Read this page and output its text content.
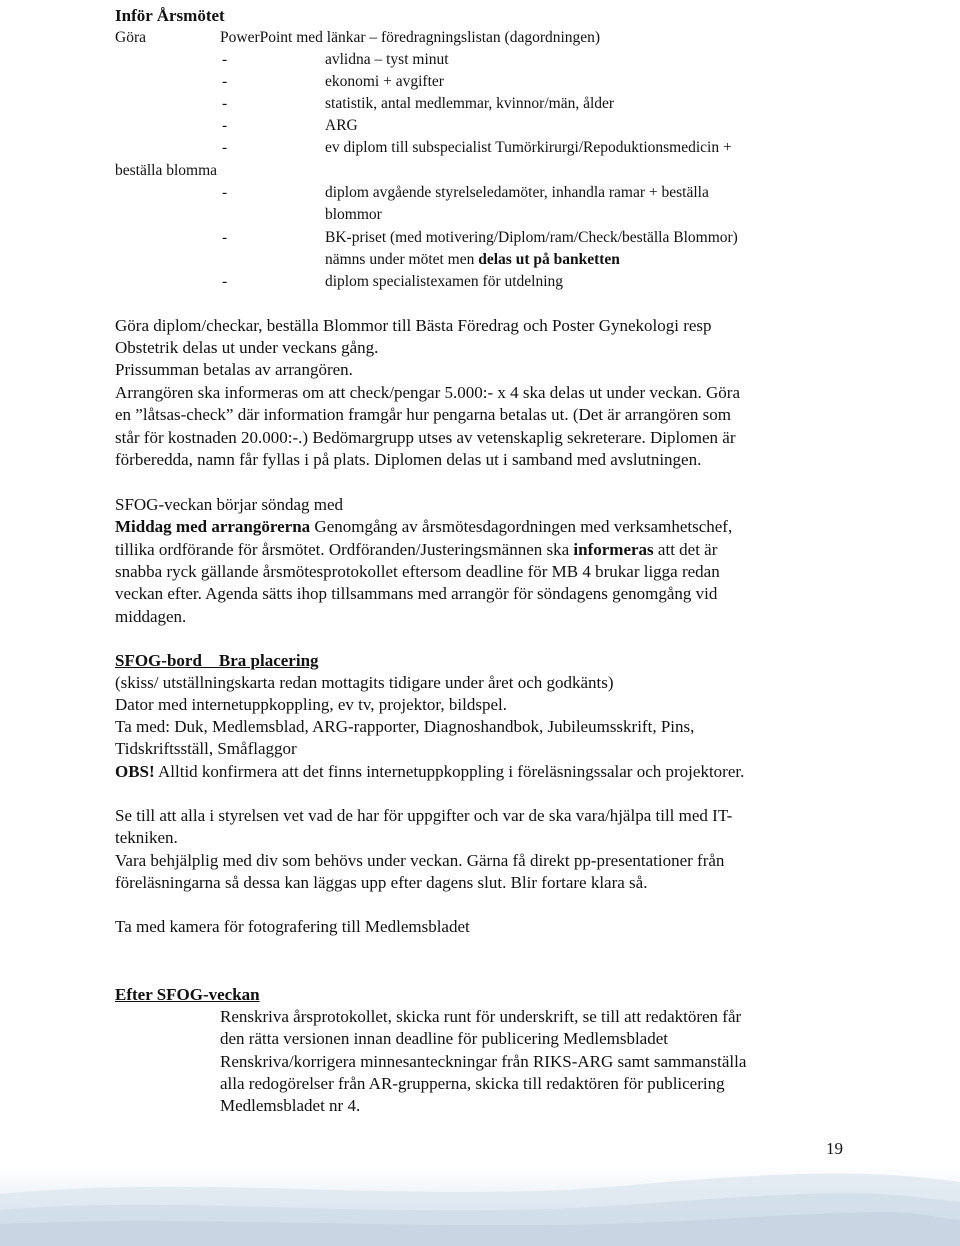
Inför Årsmötet
Göra	PowerPoint med länkar – föredragningslistan (dagordningen)
-	avlidna – tyst minut
-	ekonomi + avgifter
-	statistik, antal medlemmar, kvinnor/män, ålder
-	ARG
-	ev diplom till subspecialist Tumörkirurgi/Repoduktionsmedicin +
beställa blomma
-	diplom avgående styrelseledamöter, inhandla ramar + beställa
blommor
-	BK-priset (med motivering/Diplom/ram/Check/beställa Blommor)
nämns under mötet men delas ut på banketten
-	diplom specialistexamen för utdelning
Göra diplom/checkar, beställa Blommor till Bästa Föredrag och Poster Gynekologi resp
Obstetrik delas ut under veckans gång.
Prissumman betalas av arrangören.
Arrangören ska informeras om att check/pengar 5.000:- x 4 ska delas ut under veckan. Göra
en ”låtsas-check” där information framgår hur pengarna betalas ut. (Det är arrangören som
står för kostnaden 20.000:-.) Bedömargrupp utses av vetenskaplig sekreterare. Diplomen är
förberedda, namn får fyllas i på plats. Diplomen delas ut i samband med avslutningen.
SFOG-veckan börjar söndag med
Middag med arrangörerna Genomgång av årsmötesdagordningen med verksamhetschef,
tillika ordförande för årsmötet. Ordföranden/Justeringsmännen ska informeras att det är
snabba ryck gällande årsmötesprotokollet eftersom deadline för MB 4 brukar ligga redan
veckan efter. Agenda sätts ihop tillsammans med arrangör för söndagens genomgång vid
middagen.
SFOG-bord    Bra placering
(skiss/ utställningskarta redan mottagits tidigare under året och godkänts)
Dator med internetuppkoppling, ev tv, projektor, bildspel.
Ta med: Duk, Medlemsblad, ARG-rapporter, Diagnoshandbok, Jubileumsskrift, Pins,
Tidskriftsställ, Småflaggor
OBS! Alltid konfirmera att det finns internetuppkoppling i föreläsningssalar och projektorer.
Se till att alla i styrelsen vet vad de har för uppgifter och var de ska vara/hjälpa till med IT-
tekniken.
Vara behjälplig med div som behövs under veckan. Gärna få direkt pp-presentationer från
föreläsningarna så dessa kan läggas upp efter dagens slut. Blir fortare klara så.
Ta med kamera för fotografering till Medlemsbladet
Efter SFOG-veckan
Renskriva årsprotokollet, skicka runt för underskrift, se till att redaktören får
den rätta versionen innan deadline för publicering Medlemsbladet
Renskriva/korrigera minnesanteckningar från RIKS-ARG samt sammanställa
alla redogörelser från AR-grupperna, skicka till redaktören för publicering
Medlemsbladet nr 4.
19
